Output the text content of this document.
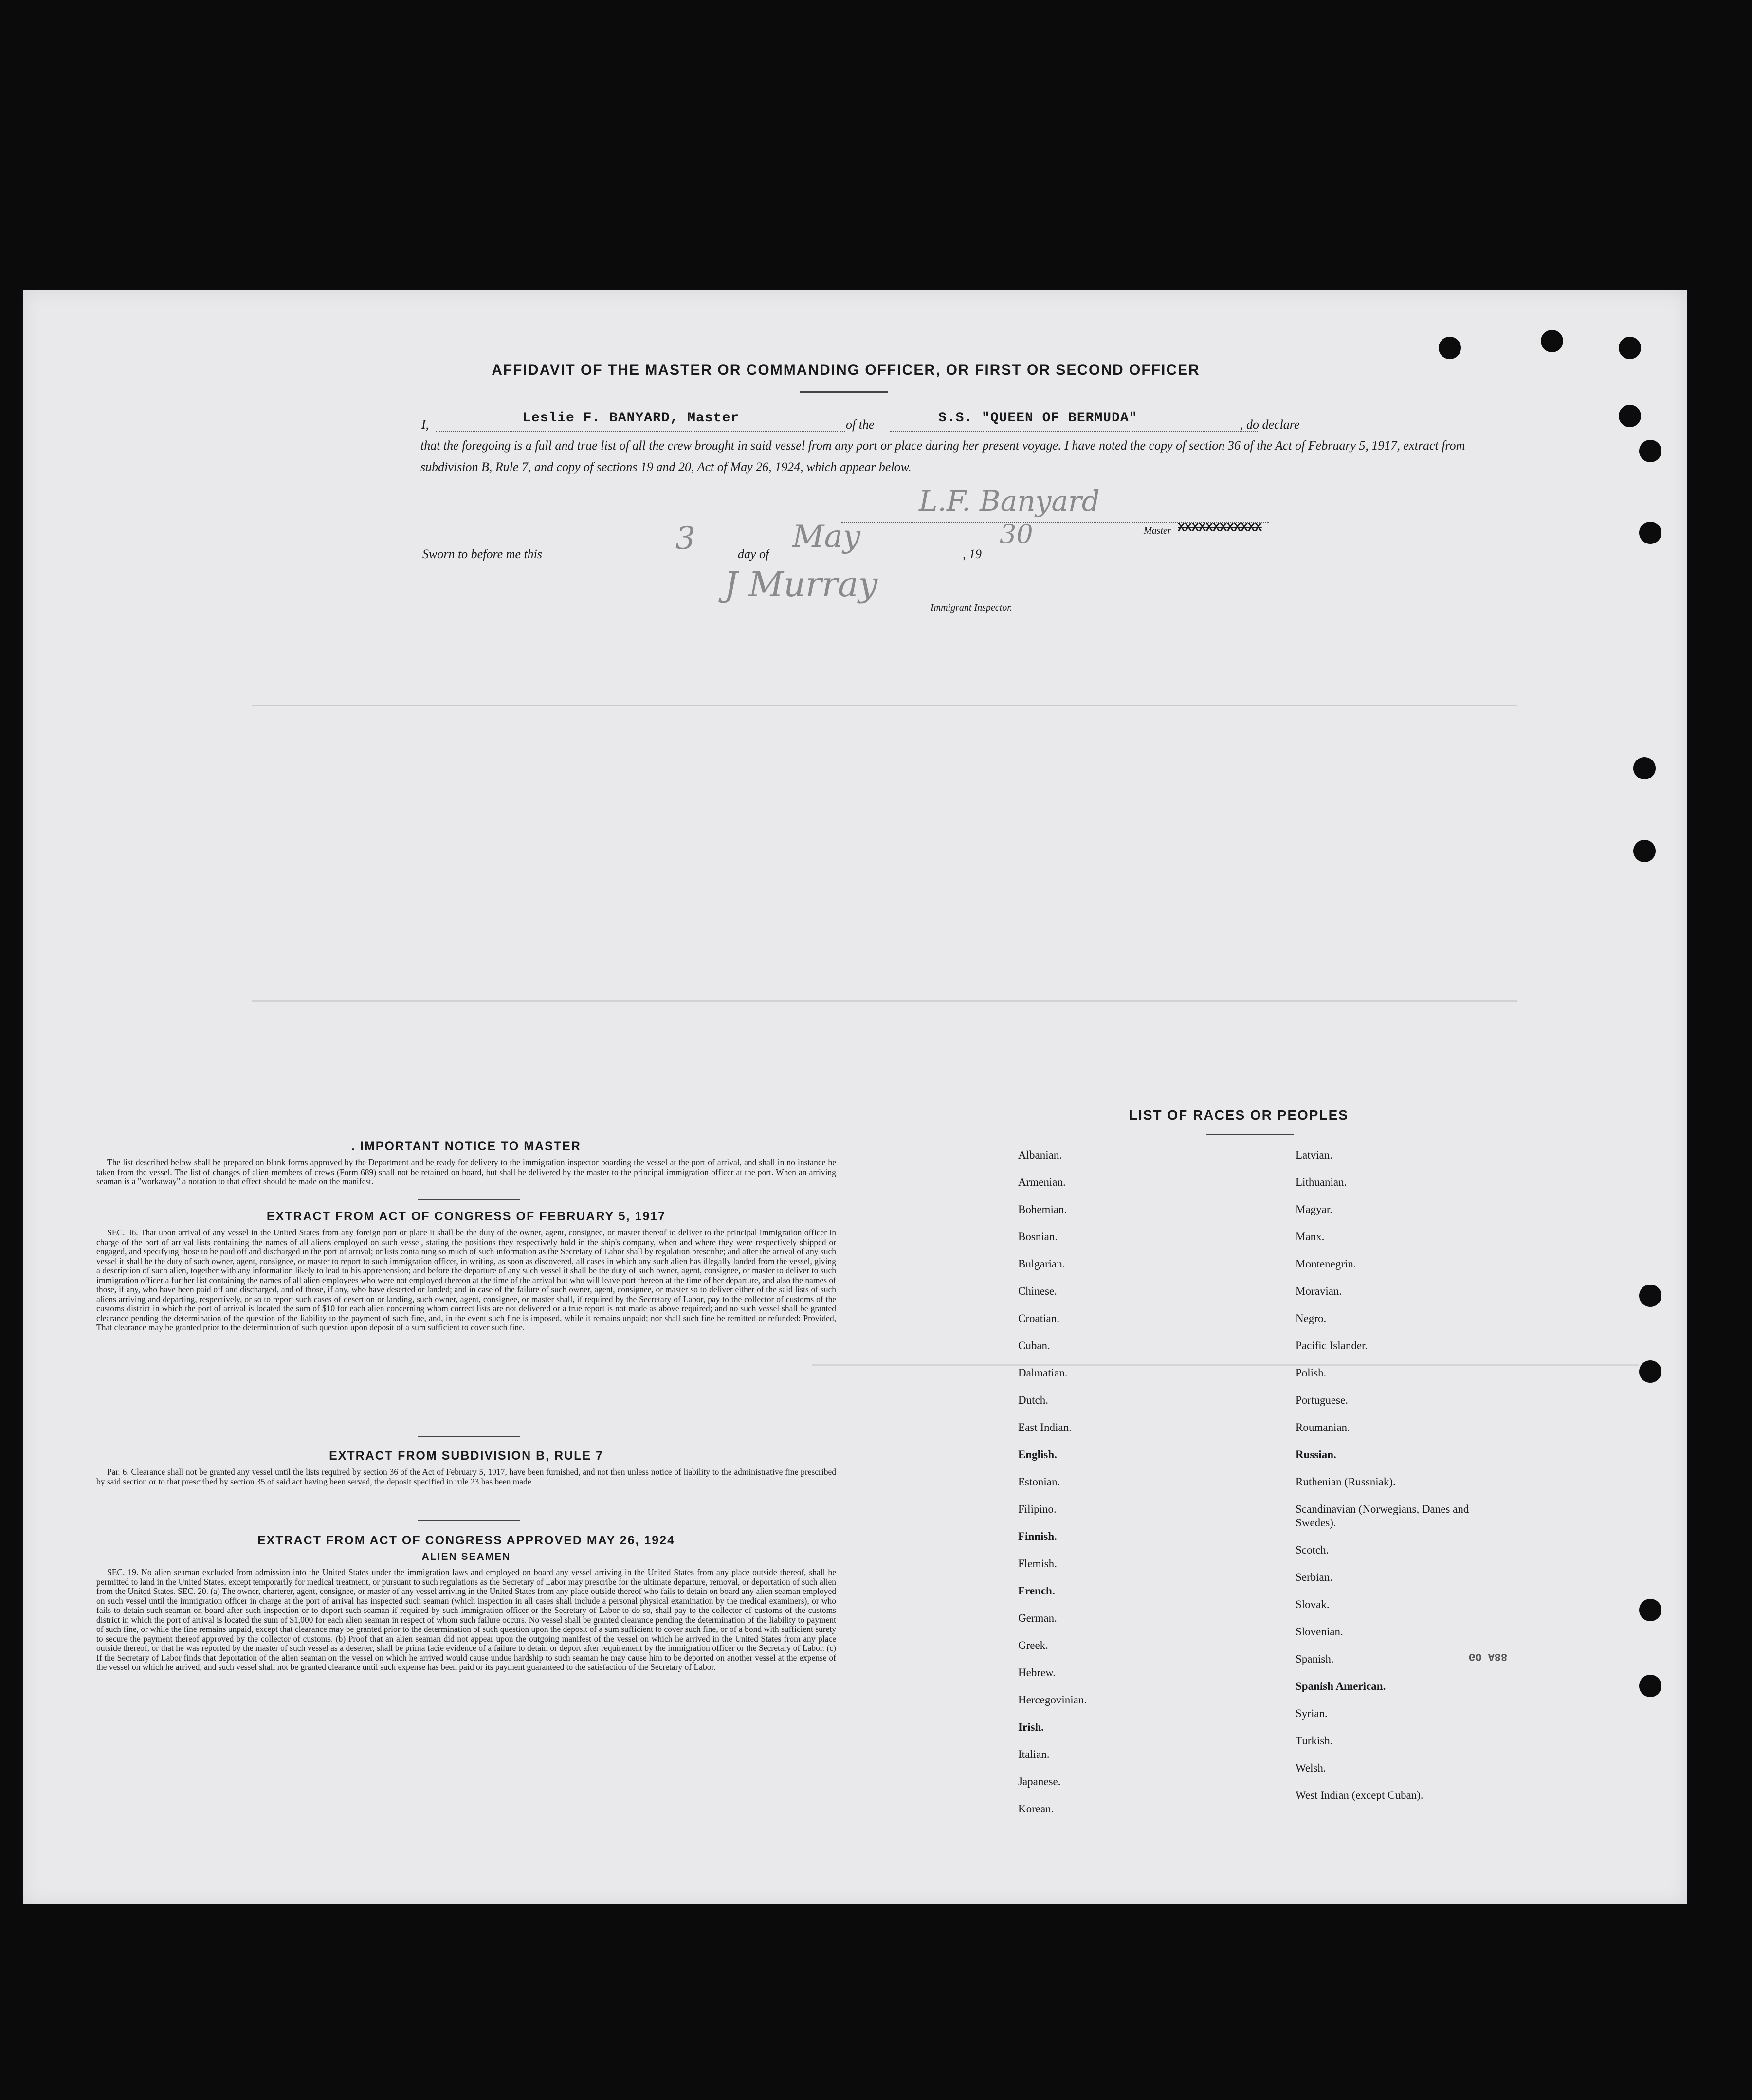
AFFIDAVIT OF THE MASTER OR COMMANDING OFFICER, OR FIRST OR SECOND OFFICER
I,	Leslie F. BANYARD, Master	of the	S.S. "QUEEN OF BERMUDA"	, do declare
that the foregoing is a full and true list of all the crew brought in said vessel from any port or place during her present voyage. I have noted the copy of section 36 of the Act of February 5, 1917, extract from subdivision B, Rule 7, and copy of sections 19 and 20, Act of May 26, 1924, which appear below.
L.F. Banyard
Master XXXXXXXXXXXX
Sworn to before me this	3	day of May	, 19
30
J Murray
Immigrant Inspector.
. IMPORTANT NOTICE TO MASTER
The list described below shall be prepared on blank forms approved by the Department and be ready for delivery to the immigration inspector boarding the vessel at the port of arrival, and shall in no instance be taken from the vessel. The list of changes of alien members of crews (Form 689) shall not be retained on board, but shall be delivered by the master to the principal immigration officer at the port. When an arriving seaman is a "workaway" a notation to that effect should be made on the manifest.
EXTRACT FROM ACT OF CONGRESS OF FEBRUARY 5, 1917
SEC. 36. That upon arrival of any vessel in the United States from any foreign port or place it shall be the duty of the owner, agent, consignee, or master thereof to deliver to the principal immigration officer in charge of the port of arrival lists containing the names of all aliens employed on such vessel, stating the positions they respectively hold in the ship's company, when and where they were respectively shipped or engaged, and specifying those to be paid off and discharged in the port of arrival; or lists containing so much of such information as the Secretary of Labor shall by regulation prescribe; and after the arrival of any such vessel it shall be the duty of such owner, agent, consignee, or master to report to such immigration officer, in writing, as soon as discovered, all cases in which any such alien has illegally landed from the vessel, giving a description of such alien, together with any information likely to lead to his apprehension; and before the departure of any such vessel it shall be the duty of such owner, agent, consignee, or master to deliver to such immigration officer a further list containing the names of all alien employees who were not employed thereon at the time of the arrival but who will leave port thereon at the time of her departure, and also the names of those, if any, who have been paid off and discharged, and of those, if any, who have deserted or landed; and in case of the failure of such owner, agent, consignee, or master so to deliver either of the said lists of such aliens arriving and departing, respectively, or so to report such cases of desertion or landing, such owner, agent, consignee, or master shall, if required by the Secretary of Labor, pay to the collector of customs of the customs district in which the port of arrival is located the sum of $10 for each alien concerning whom correct lists are not delivered or a true report is not made as above required; and no such vessel shall be granted clearance pending the determination of the question of the liability to the payment of such fine, and, in the event such fine is imposed, while it remains unpaid; nor shall such fine be remitted or refunded: Provided, That clearance may be granted prior to the determination of such question upon deposit of a sum sufficient to cover such fine.
EXTRACT FROM SUBDIVISION B, RULE 7
Par. 6. Clearance shall not be granted any vessel until the lists required by section 36 of the Act of February 5, 1917, have been furnished, and not then unless notice of liability to the administrative fine prescribed by said section or to that prescribed by section 35 of said act having been served, the deposit specified in rule 23 has been made.
EXTRACT FROM ACT OF CONGRESS APPROVED MAY 26, 1924
ALIEN SEAMEN
SEC. 19. No alien seaman excluded from admission into the United States under the immigration laws and employed on board any vessel arriving in the United States from any place outside thereof, shall be permitted to land in the United States, except temporarily for medical treatment, or pursuant to such regulations as the Secretary of Labor may prescribe for the ultimate departure, removal, or deportation of such alien from the United States. SEC. 20. (a) The owner, charterer, agent, consignee, or master of any vessel arriving in the United States from any place outside thereof who fails to detain on board any alien seaman employed on such vessel until the immigration officer in charge at the port of arrival has inspected such seaman (which inspection in all cases shall include a personal physical examination by the medical examiners), or who fails to detain such seaman on board after such inspection or to deport such seaman if required by such immigration officer or the Secretary of Labor to do so, shall pay to the collector of customs of the customs district in which the port of arrival is located the sum of $1,000 for each alien seaman in respect of whom such failure occurs. No vessel shall be granted clearance pending the determination of the liability to payment of such fine, or while the fine remains unpaid, except that clearance may be granted prior to the determination of such question upon the deposit of a sum sufficient to cover such fine, or of a bond with sufficient surety to secure the payment thereof approved by the collector of customs. (b) Proof that an alien seaman did not appear upon the outgoing manifest of the vessel on which he arrived in the United States from any place outside thereof, or that he was reported by the master of such vessel as a deserter, shall be prima facie evidence of a failure to detain or deport after requirement by the immigration officer or the Secretary of Labor. (c) If the Secretary of Labor finds that deportation of the alien seaman on the vessel on which he arrived would cause undue hardship to such seaman he may cause him to be deported on another vessel at the expense of the vessel on which he arrived, and such vessel shall not be granted clearance until such expense has been paid or its payment guaranteed to the satisfaction of the Secretary of Labor.
LIST OF RACES OR PEOPLES
GO A88
Albanian.
Armenian.
Bohemian.
Bosnian.
Bulgarian.
Chinese.
Croatian.
Cuban.
Dalmatian.
Dutch.
East Indian.
English.
Estonian.
Filipino.
Finnish.
Flemish.
French.
German.
Greek.
Hebrew.
Hercegovinian.
Irish.
Italian.
Japanese.
Korean.
Latvian.
Lithuanian.
Magyar.
Manx.
Montenegrin.
Moravian.
Negro.
Pacific Islander.
Polish.
Portuguese.
Roumanian.
Russian.
Ruthenian (Russniak).
Scandinavian (Norwegians, Danes and Swedes).
Scotch.
Serbian.
Slovak.
Slovenian.
Spanish.
Spanish American.
Syrian.
Turkish.
Welsh.
West Indian (except Cuban).
